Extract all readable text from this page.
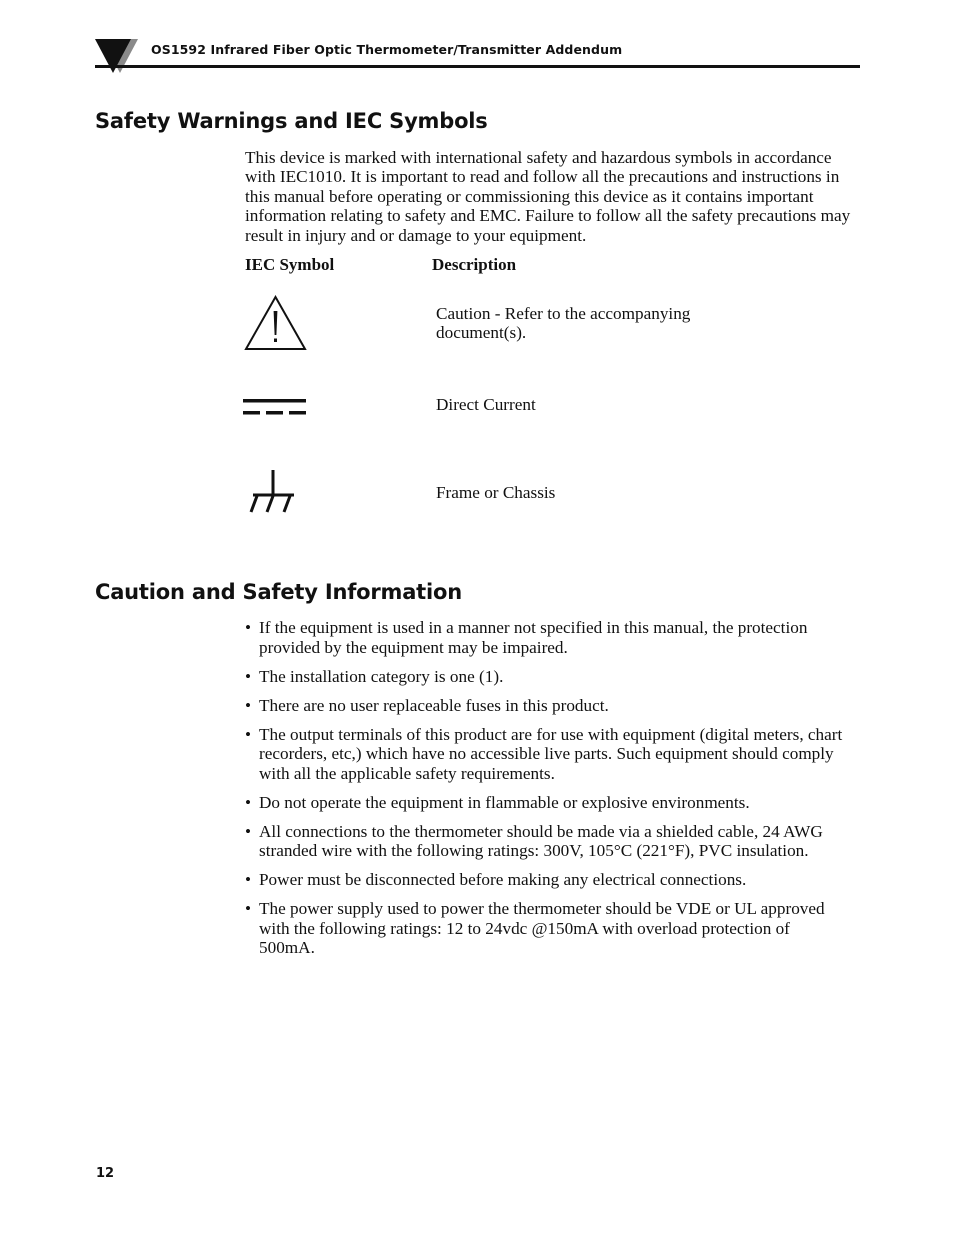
OS1592 Infrared Fiber Optic Thermometer/Transmitter Addendum
Safety Warnings and IEC Symbols
This device is marked with international safety and hazardous symbols in accordance with IEC1010. It is important to read and follow all the precautions and instructions in this manual before operating or commissioning this device as it contains important information relating to safety and EMC. Failure to follow all the safety precautions may result in injury and or damage to your equipment.
IEC Symbol	Description
Caution - Refer to the accompanying document(s).
Direct Current
Frame or Chassis
Caution and Safety Information
• If the equipment is used in a manner not specified in this manual, the protection provided by the equipment may be impaired.
• The installation category is one (1).
• There are no user replaceable fuses in this product.
• The output terminals of this product are for use with equipment (digital meters, chart recorders, etc,) which have no accessible live parts. Such equipment should comply with all the applicable safety requirements.
• Do not operate the equipment in flammable or explosive environments.
• All connections to the thermometer should be made via a shielded cable, 24 AWG stranded wire with the following ratings: 300V, 105°C (221°F), PVC insulation.
• Power must be disconnected before making any electrical connections.
• The power supply used to power the thermometer should be VDE or UL approved with the following ratings: 12 to 24vdc @150mA with overload protection of 500mA.
12
